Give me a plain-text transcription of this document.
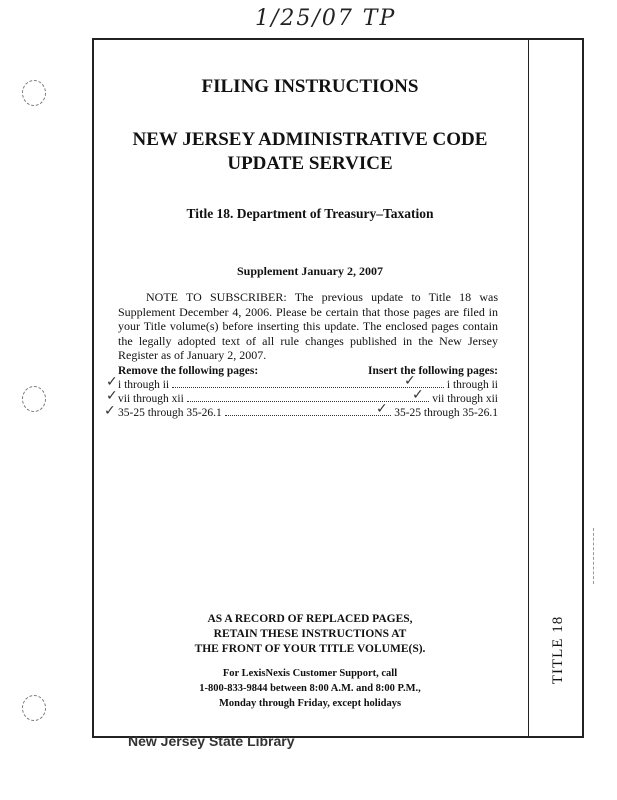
1/25/07 TP
TITLE 18
FILING INSTRUCTIONS
NEW JERSEY ADMINISTRATIVE CODE
UPDATE SERVICE
Title 18. Department of Treasury–Taxation
Supplement January 2, 2007
NOTE TO SUBSCRIBER: The previous update to Title 18 was Supplement December 4, 2006. Please be certain that those pages are filed in your Title volume(s) before inserting this update. The enclosed pages contain the legally adopted text of all rule changes published in the New Jersey Register as of January 2, 2007.
Remove the following pages:	Insert the following pages:
i through ii	i through ii
vii through xii	vii through xii
35-25 through 35-26.1	35-25 through 35-26.1
✓
✓
✓
✓
✓
✓
AS A RECORD OF REPLACED PAGES,
RETAIN THESE INSTRUCTIONS AT
THE FRONT OF YOUR TITLE VOLUME(S).
For LexisNexis Customer Support, call
1-800-833-9844 between 8:00 A.M. and 8:00 P.M.,
Monday through Friday, except holidays
New Jersey State Library
